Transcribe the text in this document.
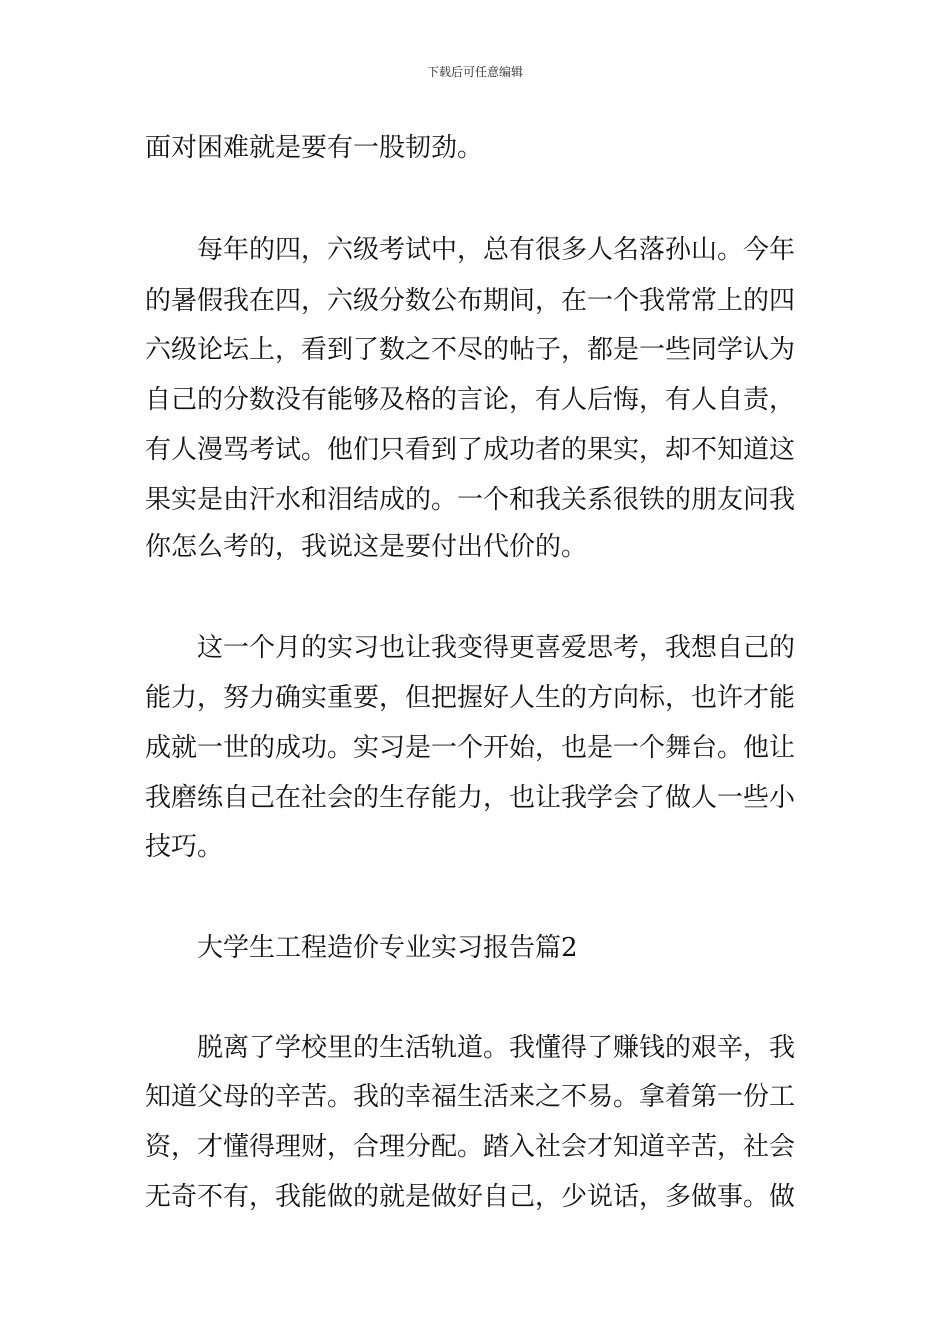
下载后可任意编辑
面对困难就是要有一股韧劲。
每年的四，六级考试中，总有很多人名落孙山。今年
的暑假我在四，六级分数公布期间，在一个我常常上的四
六级论坛上，看到了数之不尽的帖子，都是一些同学认为
自己的分数没有能够及格的言论，有人后悔，有人自责，
有人漫骂考试。他们只看到了成功者的果实，却不知道这
果实是由汗水和泪结成的。一个和我关系很铁的朋友问我
你怎么考的，我说这是要付出代价的。
这一个月的实习也让我变得更喜爱思考，我想自己的
能力，努力确实重要，但把握好人生的方向标，也许才能
成就一世的成功。实习是一个开始，也是一个舞台。他让
我磨练自己在社会的生存能力，也让我学会了做人一些小
技巧。
大学生工程造价专业实习报告篇2
脱离了学校里的生活轨道。我懂得了赚钱的艰辛，我
知道父母的辛苦。我的幸福生活来之不易。拿着第一份工
资，才懂得理财，合理分配。踏入社会才知道辛苦，社会
无奇不有，我能做的就是做好自己，少说话，多做事。做
